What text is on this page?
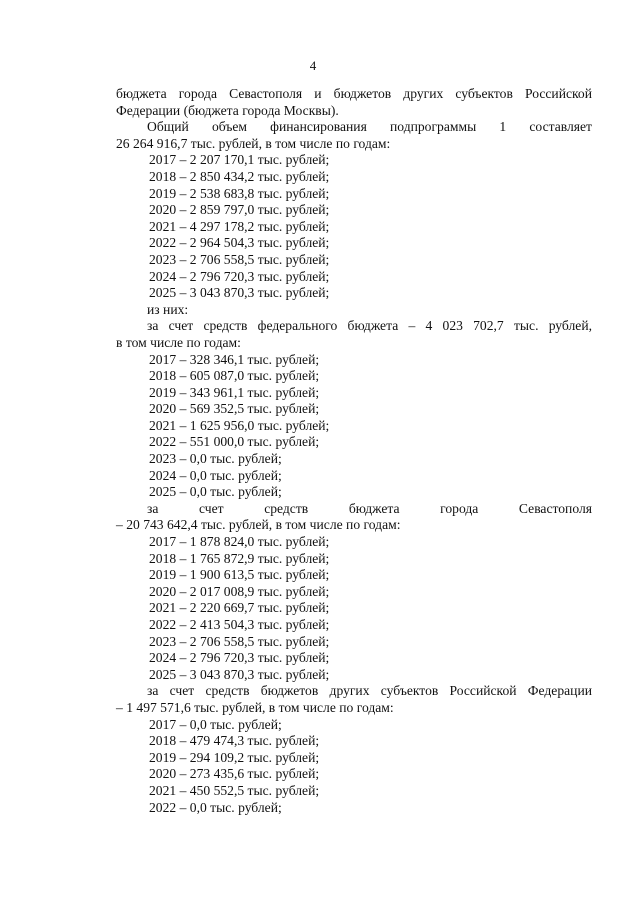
4
бюджета города Севастополя и бюджетов других субъектов Российской
Федерации (бюджета города Москвы).
Общий объем финансирования подпрограммы 1 составляет
26 264 916,7 тыс. рублей, в том числе по годам:
2017 – 2 207 170,1 тыс. рублей;
2018 – 2 850 434,2 тыс. рублей;
2019 – 2 538 683,8 тыс. рублей;
2020 – 2 859 797,0 тыс. рублей;
2021 – 4 297 178,2 тыс. рублей;
2022 – 2 964 504,3 тыс. рублей;
2023 – 2 706 558,5 тыс. рублей;
2024 – 2 796 720,3 тыс. рублей;
2025 – 3 043 870,3 тыс. рублей;
из них:
за счет средств федерального бюджета – 4 023 702,7 тыс. рублей,
в том числе по годам:
2017 – 328 346,1 тыс. рублей;
2018 – 605 087,0 тыс. рублей;
2019 – 343 961,1 тыс. рублей;
2020 – 569 352,5 тыс. рублей;
2021 – 1 625 956,0 тыс. рублей;
2022 – 551 000,0 тыс. рублей;
2023 – 0,0 тыс. рублей;
2024 – 0,0 тыс. рублей;
2025 – 0,0 тыс. рублей;
за счет средств бюджета города Севастополя
– 20 743 642,4 тыс. рублей, в том числе по годам:
2017 – 1 878 824,0 тыс. рублей;
2018 – 1 765 872,9 тыс. рублей;
2019 – 1 900 613,5 тыс. рублей;
2020 – 2 017 008,9 тыс. рублей;
2021 – 2 220 669,7 тыс. рублей;
2022 – 2 413 504,3 тыс. рублей;
2023 – 2 706 558,5 тыс. рублей;
2024 – 2 796 720,3 тыс. рублей;
2025 – 3 043 870,3 тыс. рублей;
за счет средств бюджетов других субъектов Российской Федерации
– 1 497 571,6 тыс. рублей, в том числе по годам:
2017 – 0,0 тыс. рублей;
2018 – 479 474,3 тыс. рублей;
2019 – 294 109,2 тыс. рублей;
2020 – 273 435,6 тыс. рублей;
2021 – 450 552,5 тыс. рублей;
2022 – 0,0 тыс. рублей;
